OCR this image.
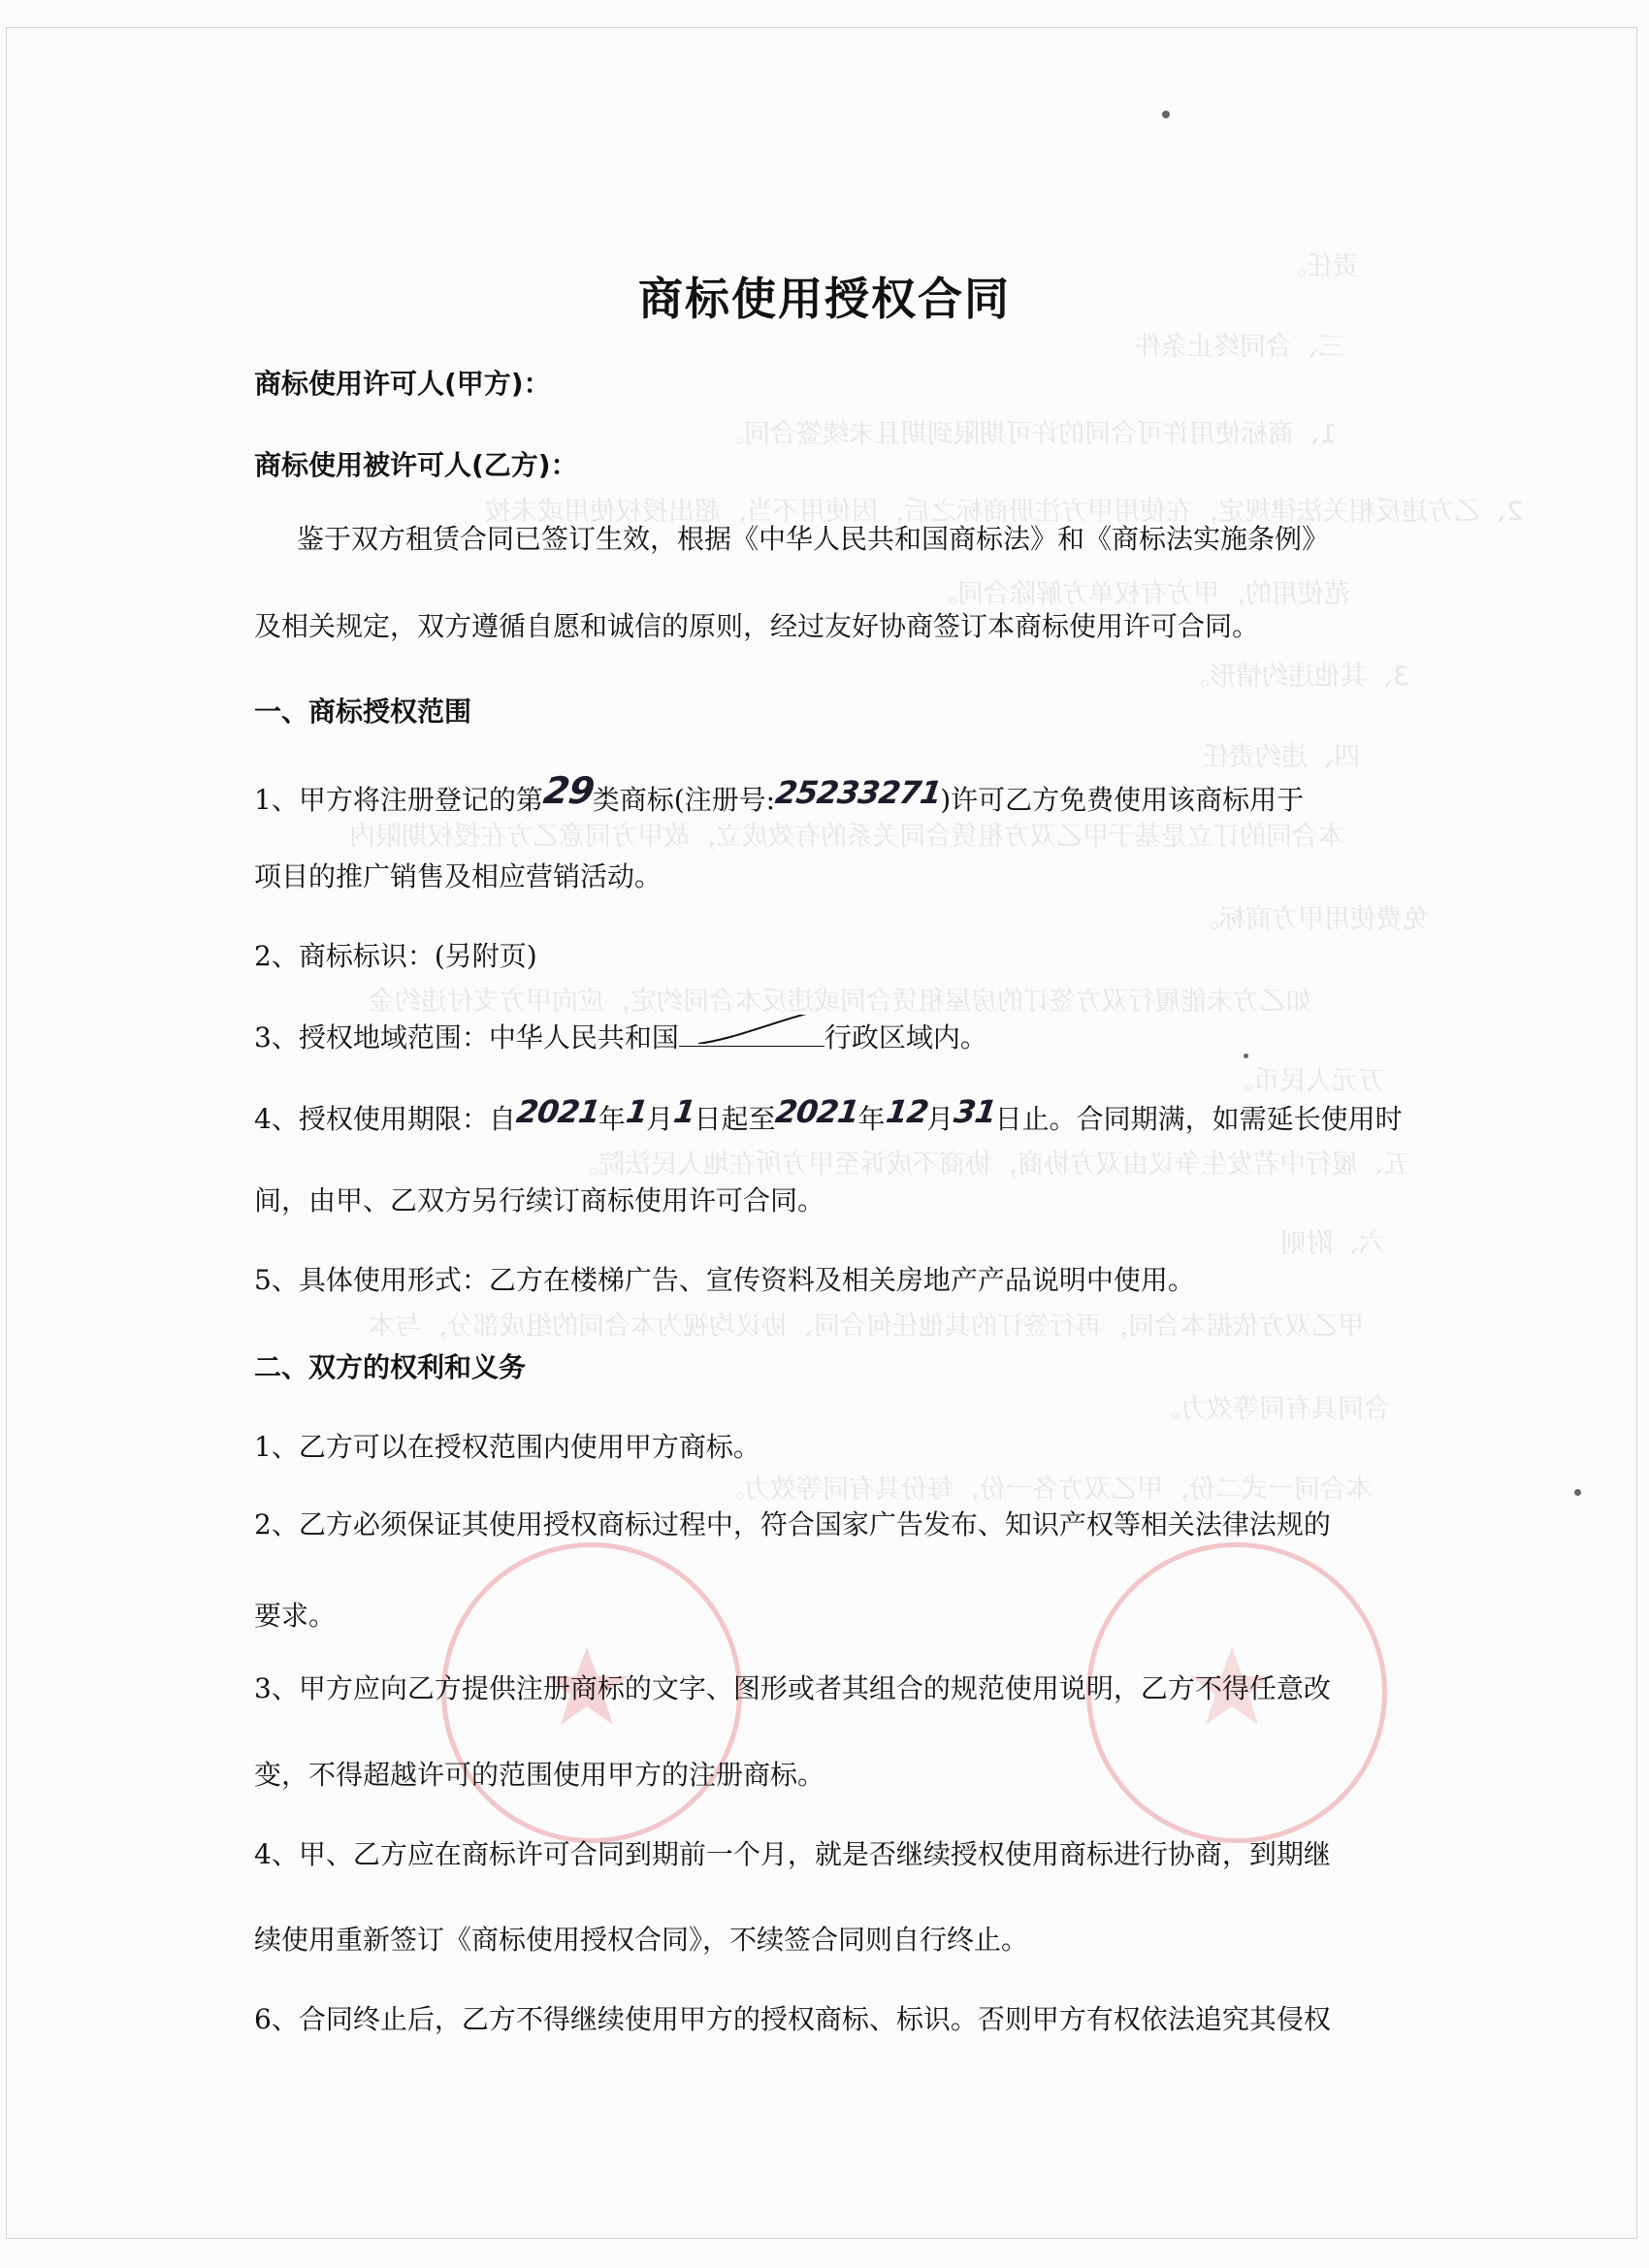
责任。
三、合同终止条件
1、商标使用许可合同的许可期限到期且未续签合同。
2、乙方违反相关法律规定，在使用甲方注册商标之后，因使用不当，超出授权使用或未按
范使用的，甲方有权单方解除合同。
3、其他违约情形。
四、违约责任
本合同的订立是基于甲乙双方租赁合同关系的有效成立，故甲方同意乙方在授权期限内
免费使用甲方商标。
如乙方未能履行双方签订的房屋租赁合同或违反本合同约定，应向甲方支付违约金
万元人民币。
五、履行中若发生争议由双方协商，协商不成诉至甲方所在地人民法院。
六、附则
甲乙双方依据本合同，再行签订的其他任何合同、协议均视为本合同的组成部分，与本
合同具有同等效力。
本合同一式二份，甲乙双方各一份，每份具有同等效力。
商标使用授权合同
商标使用许可人(甲方)：
商标使用被许可人(乙方)：
鉴于双方租赁合同已签订生效，根据《中华人民共和国商标法》和《商标法实施条例》
及相关规定，双方遵循自愿和诚信的原则，经过友好协商签订本商标使用许可合同。
一、商标授权范围
1、甲方将注册登记的第29类商标(注册号:25233271)许可乙方免费使用该商标用于
项目的推广销售及相应营销活动。
2、商标标识：(另附页)
3、授权地域范围：中华人民共和国	行政区域内。
4、授权使用期限：自2021年1月1日起至2021年12月31日止。合同期满，如需延长使用时
间，由甲、乙双方另行续订商标使用许可合同。
5、具体使用形式：乙方在楼梯广告、宣传资料及相关房地产产品说明中使用。
二、双方的权利和义务
1、乙方可以在授权范围内使用甲方商标。
2、乙方必须保证其使用授权商标过程中，符合国家广告发布、知识产权等相关法律法规的
要求。
3、甲方应向乙方提供注册商标的文字、图形或者其组合的规范使用说明，乙方不得任意改
变，不得超越许可的范围使用甲方的注册商标。
4、甲、乙方应在商标许可合同到期前一个月，就是否继续授权使用商标进行协商，到期继
续使用重新签订《商标使用授权合同》，不续签合同则自行终止。
6、合同终止后，乙方不得继续使用甲方的授权商标、标识。否则甲方有权依法追究其侵权
